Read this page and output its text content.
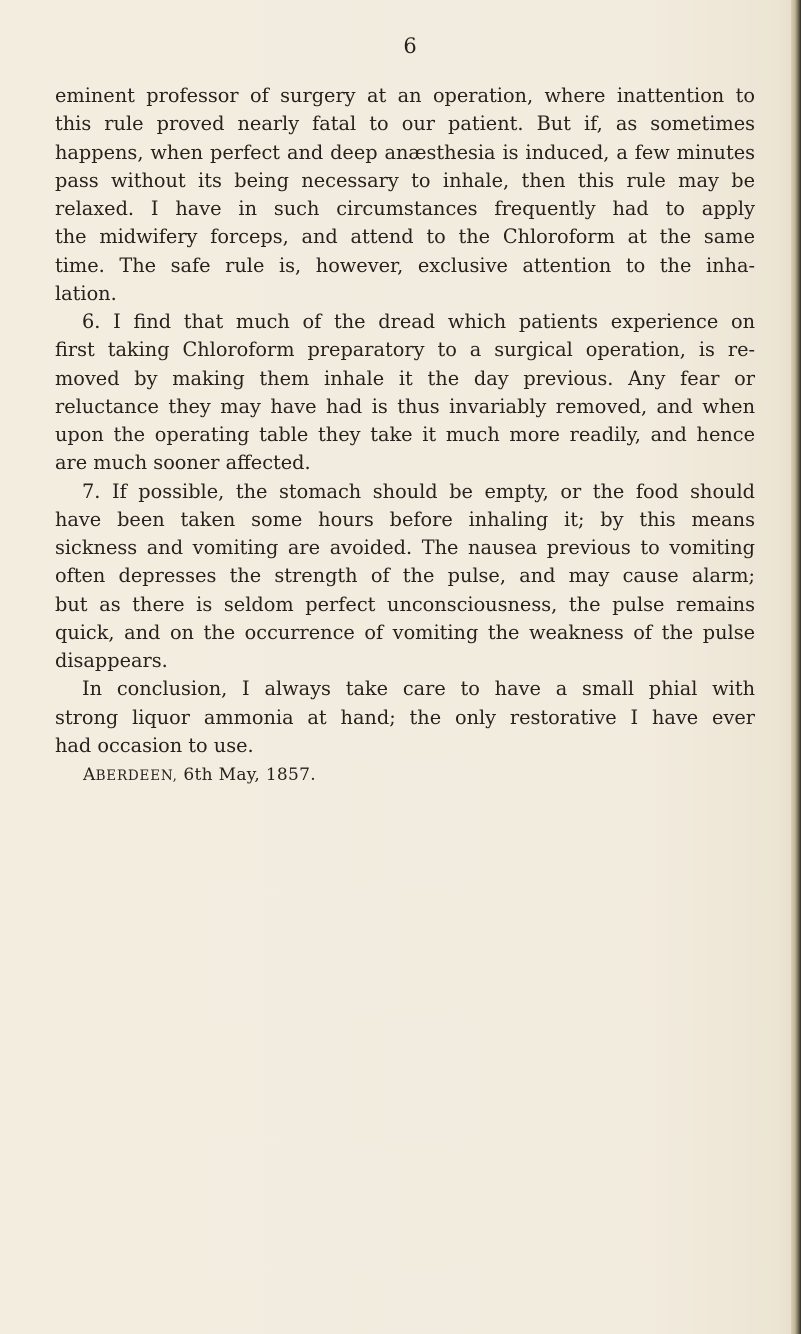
6
eminent professor of surgery at an operation, where inattention to
this rule proved nearly fatal to our patient. But if, as sometimes
happens, when perfect and deep anæsthesia is induced, a few minutes
pass without its being necessary to inhale, then this rule may be
relaxed. I have in such circumstances frequently had to apply
the midwifery forceps, and attend to the Chloroform at the same
time. The safe rule is, however, exclusive attention to the inha-
lation.
6. I find that much of the dread which patients experience on
first taking Chloroform preparatory to a surgical operation, is re-
moved by making them inhale it the day previous. Any fear or
reluctance they may have had is thus invariably removed, and when
upon the operating table they take it much more readily, and hence
are much sooner affected.
7. If possible, the stomach should be empty, or the food should
have been taken some hours before inhaling it; by this means
sickness and vomiting are avoided. The nausea previous to vomiting
often depresses the strength of the pulse, and may cause alarm;
but as there is seldom perfect unconsciousness, the pulse remains
quick, and on the occurrence of vomiting the weakness of the pulse
disappears.
In conclusion, I always take care to have a small phial with
strong liquor ammonia at hand; the only restorative I have ever
had occasion to use.
ABERDEEN, 6th May, 1857.
